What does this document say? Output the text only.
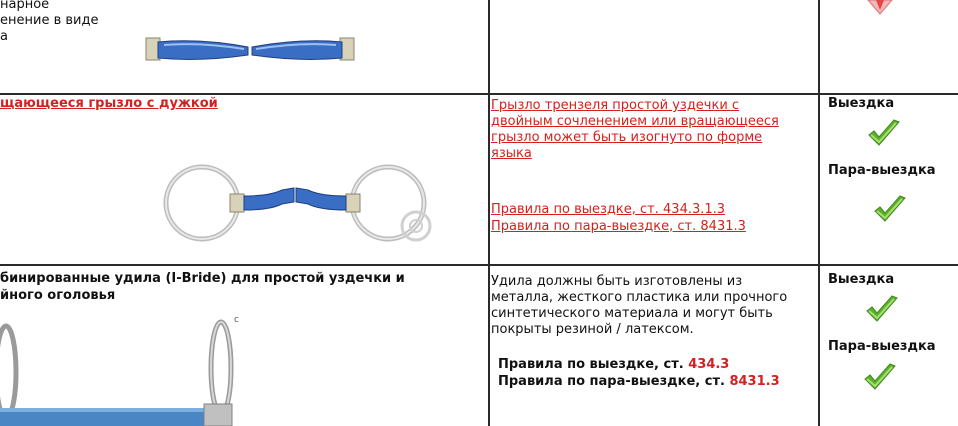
нарное
енение в виде
а
щающееся грызло с дужкой	Грызло трензеля простой уздечки с
двойным сочленением или вращающееся
грызло может быть изогнуто по форме
языка
Правила по выездке, ст. 434.3.1.3
Правила по пара-выездке, ст. 8431.3
Выездка
Пара-выездка
бинированные удила (I-Bride) для простой уздечки и
йного оголовья
c
Удила должны быть изготовлены из
металла, жесткого пластика или прочного
синтетического материала и могут быть
покрыты резиной / латексом.
Правила по выездке, ст. 434.3
Правила по пара-выездке, ст. 8431.3
Выездка
Пара-выездка
